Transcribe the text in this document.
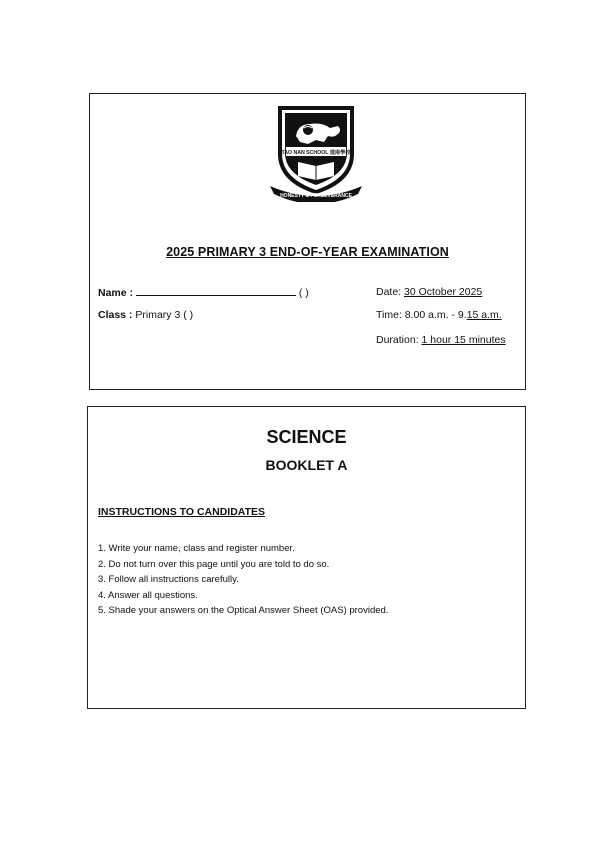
TAO NAN SCHOOL 道南學校
HONESTY & PERSEVERANCE
2025 PRIMARY 3 END-OF-YEAR EXAMINATION
Name :	( )
Class : Primary 3 ( )
Date: 30 October 2025
Time: 8.00 a.m. - 9.15 a.m.
Duration: 1 hour 15 minutes
SCIENCE
BOOKLET A
INSTRUCTIONS TO CANDIDATES
1. Write your name, class and register number.
2. Do not turn over this page until you are told to do so.
3. Follow all instructions carefully.
4. Answer all questions.
5. Shade your answers on the Optical Answer Sheet (OAS) provided.
